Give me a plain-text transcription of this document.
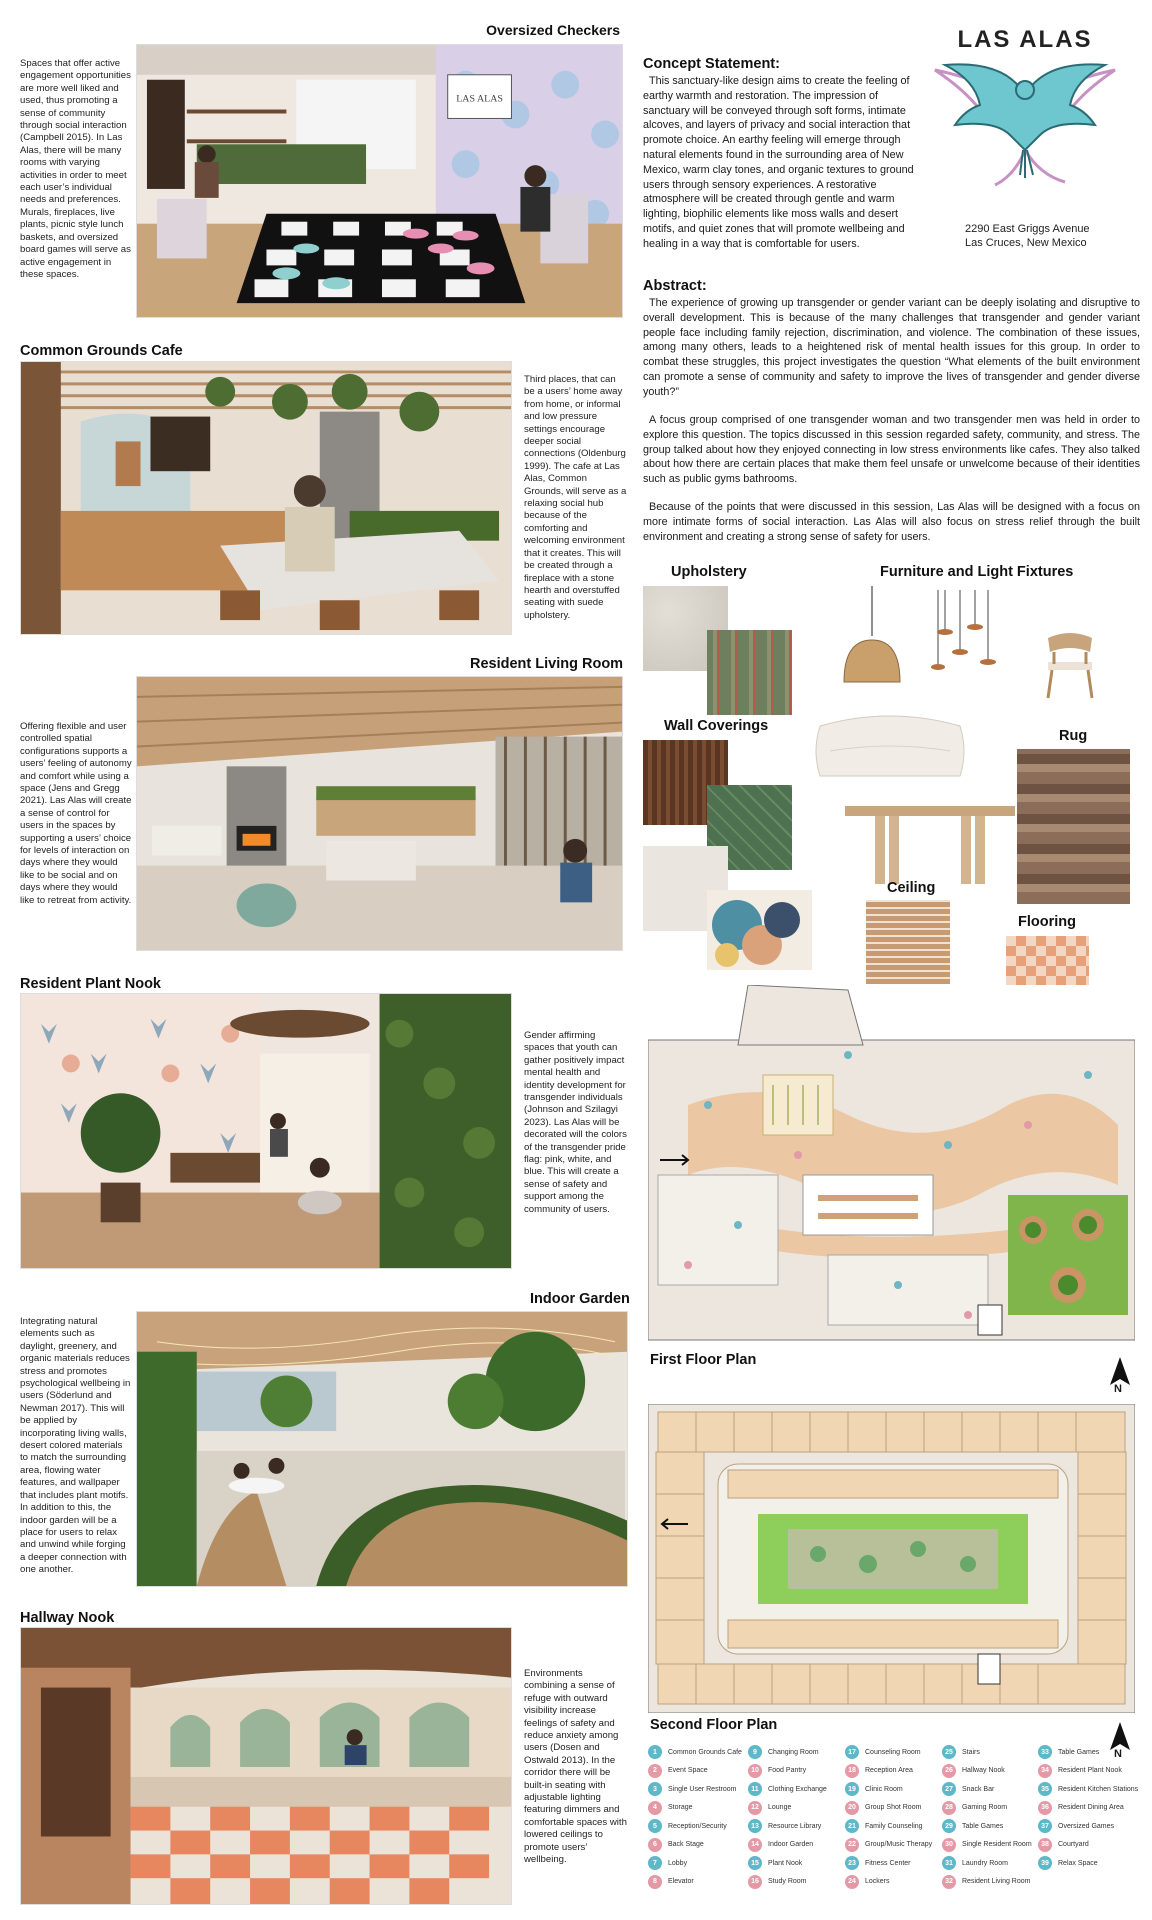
Oversized Checkers
Spaces that offer active engagement opportunities are more well liked and used, thus promoting a sense of community through social interaction (Campbell 2015). In Las Alas, there will be many rooms with varying activities in order to meet each user’s individual needs and preferences. Murals, fireplaces, live plants, picnic style lunch baskets, and oversized board games will serve as active engagement in these spaces.
LAS ALAS
Common Grounds Cafe
Third places, that can be a users’ home away from home, or informal and low pressure settings encourage deeper social connections (Oldenburg 1999). The cafe at Las Alas, Common Grounds, will serve as a relaxing social hub because of the comforting and welcoming environment that it creates. This will be created through a fireplace with a stone hearth and overstuffed seating with suede upholstery.
Resident Living Room
Offering flexible and user controlled spatial configurations supports a users’ feeling of autonomy and comfort while using a space (Jens and Gregg 2021). Las Alas will create a sense of control for users in the spaces by supporting a users’ choice for levels of interaction on days where they would like to be social and on days where they would like to retreat from activity.
Resident Plant Nook
Gender affirming spaces that youth can gather positively impact mental health and identity development for transgender individuals (Johnson and Szilagyi 2023). Las Alas will be decorated will the colors of the transgender pride flag: pink, white, and blue. This will create a sense of safety and support among the community of users.
Indoor Garden
Integrating natural elements such as daylight, greenery, and organic materials reduces stress and promotes psychological wellbeing in users (Söderlund and Newman 2017). This will be applied by incorporating living walls, desert colored materials to match the surrounding area, flowing water features, and wallpaper that includes plant motifs. In addition to this, the indoor garden will be a place for users to relax and unwind while forging a deeper connection with one another.
Hallway Nook
Environments combining a sense of refuge with outward visibility increase feelings of safety and reduce anxiety among users (Dosen and Ostwald 2013). In the corridor there will be built-in seating with adjustable lighting featuring dimmers and comfortable spaces with lowered ceilings to promote users’ wellbeing.
LAS ALAS
2290 East Griggs Avenue
Las Cruces, New Mexico
Concept Statement:
This sanctuary-like design aims to create the feeling of earthy warmth and restoration. The impression of sanctuary will be conveyed through soft forms, intimate alcoves, and layers of privacy and social interaction that promote choice. An earthy feeling will emerge through natural elements found in the surrounding area of New Mexico, warm clay tones, and organic textures to ground users through sensory experiences. A restorative atmosphere will be created through gentle and warm lighting, biophilic elements like moss walls and desert motifs, and quiet zones that will promote wellbeing and healing in a way that is comfortable for users.
Abstract:
The experience of growing up transgender or gender variant can be deeply isolating and disruptive to overall development. This is because of the many challenges that transgender and gender variant people face including family rejection, discrimination, and violence. The combination of these issues, among many others, leads to a heightened risk of mental health issues for this group. In order to combat these struggles, this project investigates the question “What elements of the built environment can promote a sense of community and safety to improve the lives of transgender and gender diverse youth?”
A focus group comprised of one transgender woman and two transgender men was held in order to explore this question. The topics discussed in this session regarded safety, community, and stress. The group talked about how they enjoyed connecting in low stress environments like cafes. They also talked about how there are certain places that make them feel unsafe or unwelcome because of their identities such as public gyms bathrooms.
Because of the points that were discussed in this session, Las Alas will be designed with a focus on more intimate forms of social interaction. Las Alas will also focus on stress relief through the built environment and creating a strong sense of safety for users.
Upholstery	Furniture and Light Fixtures
Wall Coverings
Rug
Ceiling
Flooring
First Floor Plan
N
Second Floor Plan
N
1	Common Grounds Cafe
2	Event Space
3	Single User Restroom
4	Storage
5	Reception/Security
6	Back Stage
7	Lobby
8	Elevator
9	Changing Room
10	Food Pantry
11	Clothing Exchange
12	Lounge
13	Resource Library
14	Indoor Garden
15	Plant Nook
16	Study Room
17	Counseling Room
18	Reception Area
19	Clinic Room
20	Group Shot Room
21	Family Counseling
22	Group/Music Therapy
23	Fitness Center
24	Lockers
25	Stairs
26	Hallway Nook
27	Snack Bar
28	Gaming Room
29	Table Games
30	Single Resident Room
31	Laundry Room
32	Resident Living Room
33	Table Games
34	Resident Plant Nook
35	Resident Kitchen Stations
36	Resident Dining Area
37	Oversized Games
38	Courtyard
39	Relax Space
